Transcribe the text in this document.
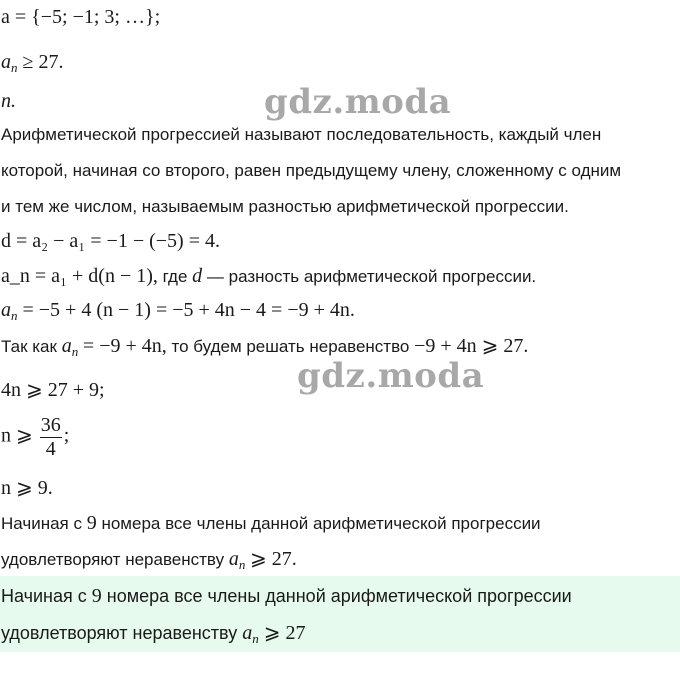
gdz.moda
gdz.moda
a = {−5; −1; 3; …};
$a_n \ge 27$.
n.
Арифметической прогрессией называют последовательность, каждый член
которой, начиная со второго, равен предыдущему члену, сложенному с одним
и тем же числом, называемым разностью арифметической прогрессии.
d = a₂ − a₁ = −1 − (−5) = 4.
a_n = a₁ + d(n − 1), где d — разность арифметической прогрессии.
$a_n = -5 + 4$ (n − 1) = −5 + 4n − 4 = −9 + 4n.
Так как $a_n = -9 + 4n$, то будем решать неравенство −9 + 4n ⩾ 27.
4n ⩾ 27 + 9;
n ⩾ $\frac{36}{4}$ ;
n ⩾ 9.
Начиная с 9 номера все члены данной арифметической прогрессии
удовлетворяют неравенству $a_n$ ⩾ 27.
Начиная с 9 номера все члены данной арифметической прогрессии
удовлетворяют неравенству $a_n$ ⩾ 27
